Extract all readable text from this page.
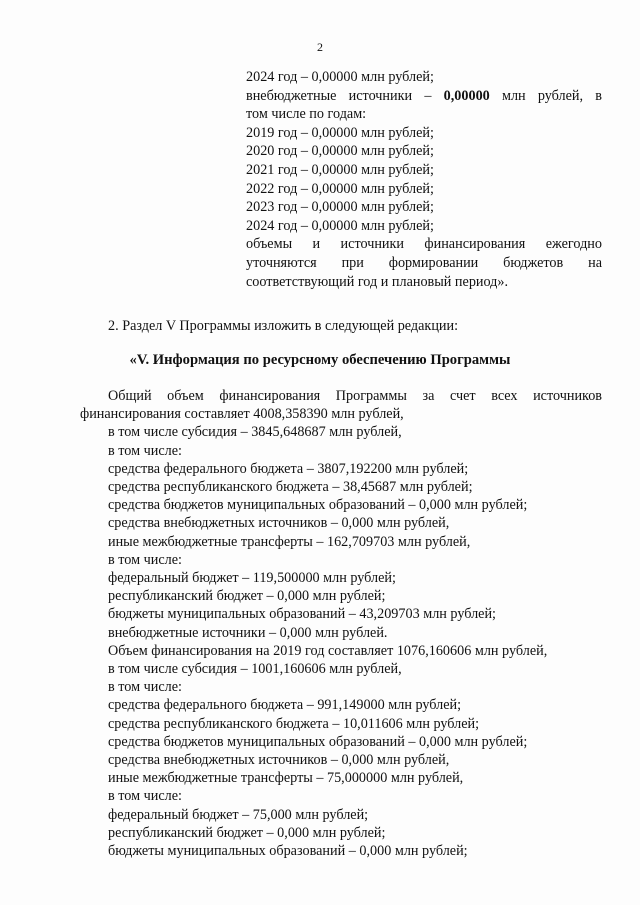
2
2024 год – 0,00000 млн рублей;
внебюджетные источники – 0,00000 млн рублей, в
том числе по годам:
2019 год – 0,00000 млн рублей;
2020 год – 0,00000 млн рублей;
2021 год – 0,00000 млн рублей;
2022 год – 0,00000 млн рублей;
2023 год – 0,00000 млн рублей;
2024 год – 0,00000 млн рублей;
объемы и источники финансирования ежегодно
уточняются при формировании бюджетов на
соответствующий год и плановый период».
2. Раздел V Программы изложить в следующей редакции:
«V. Информация по ресурсному обеспечению Программы
Общий объем финансирования Программы за счет всех источников
финансирования составляет 4008,358390 млн рублей,
в том числе субсидия – 3845,648687 млн рублей,
в том числе:
средства федерального бюджета – 3807,192200 млн рублей;
средства республиканского бюджета – 38,45687 млн рублей;
средства бюджетов муниципальных образований – 0,000 млн рублей;
средства внебюджетных источников – 0,000 млн рублей,
иные межбюджетные трансферты – 162,709703 млн рублей,
в том числе:
федеральный бюджет – 119,500000 млн рублей;
республиканский бюджет – 0,000 млн рублей;
бюджеты муниципальных образований – 43,209703 млн рублей;
внебюджетные источники – 0,000 млн рублей.
Объем финансирования на 2019 год составляет 1076,160606 млн рублей,
в том числе субсидия – 1001,160606 млн рублей,
в том числе:
средства федерального бюджета – 991,149000 млн рублей;
средства республиканского бюджета – 10,011606 млн рублей;
средства бюджетов муниципальных образований – 0,000 млн рублей;
средства внебюджетных источников – 0,000 млн рублей,
иные межбюджетные трансферты – 75,000000 млн рублей,
в том числе:
федеральный бюджет – 75,000 млн рублей;
республиканский бюджет – 0,000 млн рублей;
бюджеты муниципальных образований – 0,000 млн рублей;
